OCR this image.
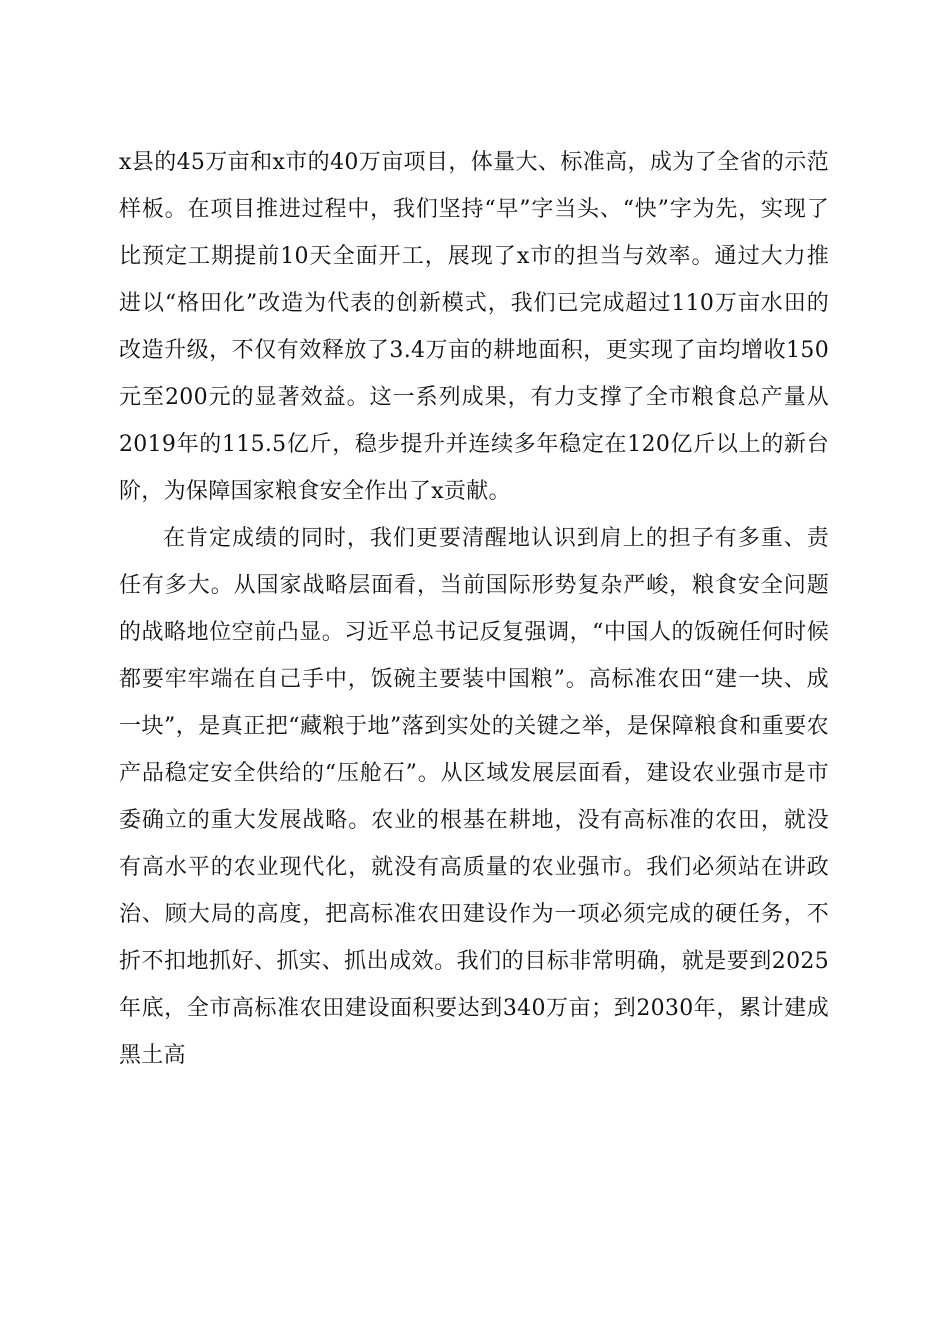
x县的45万亩和x市的40万亩项目，体量大、标准高，成为了全省的示范样板。在项目推进过程中，我们坚持“早”字当头、“快”字为先，实现了比预定工期提前10天全面开工，展现了x市的担当与效率。通过大力推进以“格田化”改造为代表的创新模式，我们已完成超过110万亩水田的改造升级，不仅有效释放了3.4万亩的耕地面积，更实现了亩均增收150元至200元的显著效益。这一系列成果，有力支撑了全市粮食总产量从2019年的115.5亿斤，稳步提升并连续多年稳定在120亿斤以上的新台阶，为保障国家粮食安全作出了x贡献。

在肯定成绩的同时，我们更要清醒地认识到肩上的担子有多重、责任有多大。从国家战略层面看，当前国际形势复杂严峻，粮食安全问题的战略地位空前凸显。习近平总书记反复强调，“中国人的饭碗任何时候都要牢牢端在自己手中，饭碗主要装中国粮”。高标准农田“建一块、成一块”，是真正把“藏粮于地”落到实处的关键之举，是保障粮食和重要农产品稳定安全供给的“压舱石”。从区域发展层面看，建设农业强市是市委确立的重大发展战略。农业的根基在耕地，没有高标准的农田，就没有高水平的农业现代化，就没有高质量的农业强市。我们必须站在讲政治、顾大局的高度，把高标准农田建设作为一项必须完成的硬任务，不折不扣地抓好、抓实、抓出成效。我们的目标非常明确，就是要到2025年底，全市高标准农田建设面积要达到340万亩；到2030年，累计建成黑土高
